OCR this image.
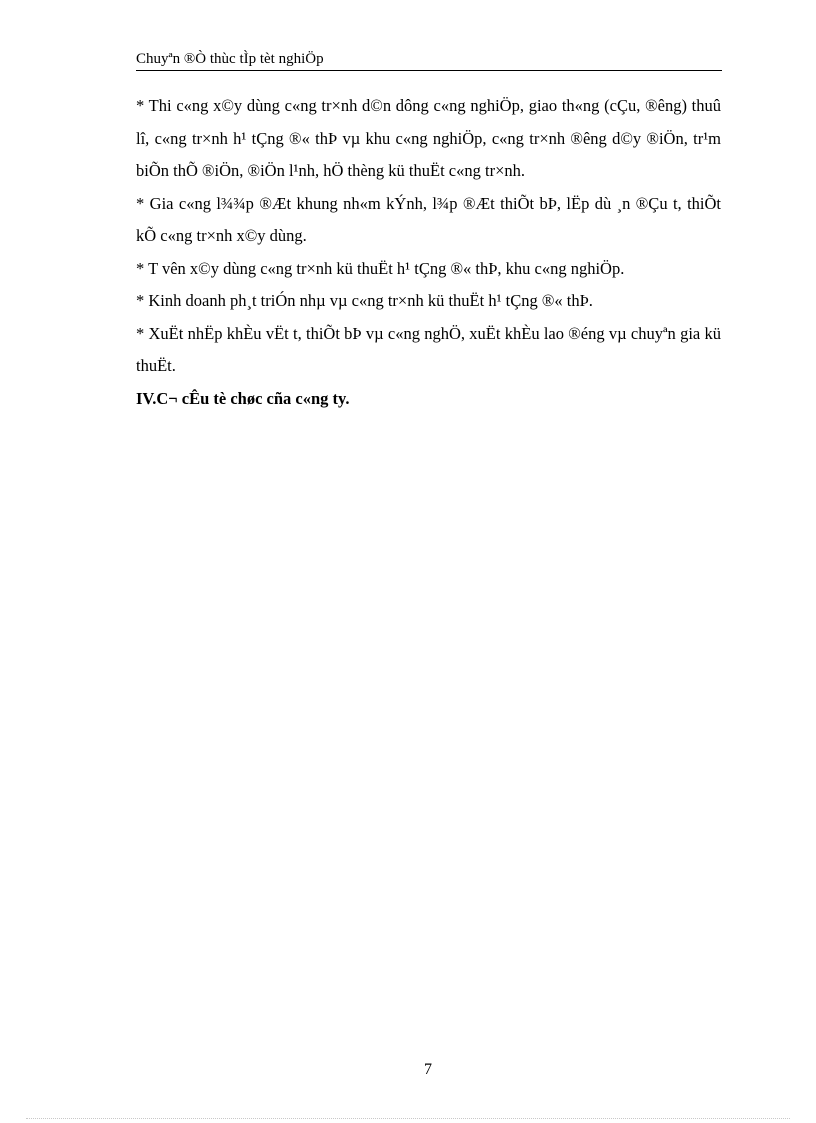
Chuyªn ®Ò thùc tÌp tèt nghiÖp

* Thi c«ng x©y dùng c«ng tr×nh d©n dông c«ng nghiÖp, giao th«ng (cÇu, ®êng) thuû lî, c«ng tr×nh h¹ tÇng ®« thÞ vµ khu c«ng nghiÖp, c«ng tr×nh ®êng d©y ®iÖn, tr¹m biÕn thÕ ®iÖn, ®iÖn l¹nh, hÖ thèng kü thuËt c«ng tr×nh.

* Gia c«ng l¾¾p ®Æt khung nh«m kÝnh, l¾p ®Æt thiÕt bÞ, lËp dù ¸n ®Çu t, thiÕt kÕ c«ng tr×nh x©y dùng.

* T vên x©y dùng c«ng tr×nh kü thuËt h¹ tÇng ®« thÞ, khu c«ng nghiÖp.

* Kinh doanh ph¸t triÓn nhµ vµ c«ng tr×nh kü thuËt h¹ tÇng ®« thÞ.

* XuËt nhËp khÈu vËt t, thiÕt bÞ vµ c«ng nghÖ, xuËt khÈu lao ®éng vµ chuyªn gia kü thuËt.

IV.C¬ cÊu tè chøc cña c«ng ty.

7
